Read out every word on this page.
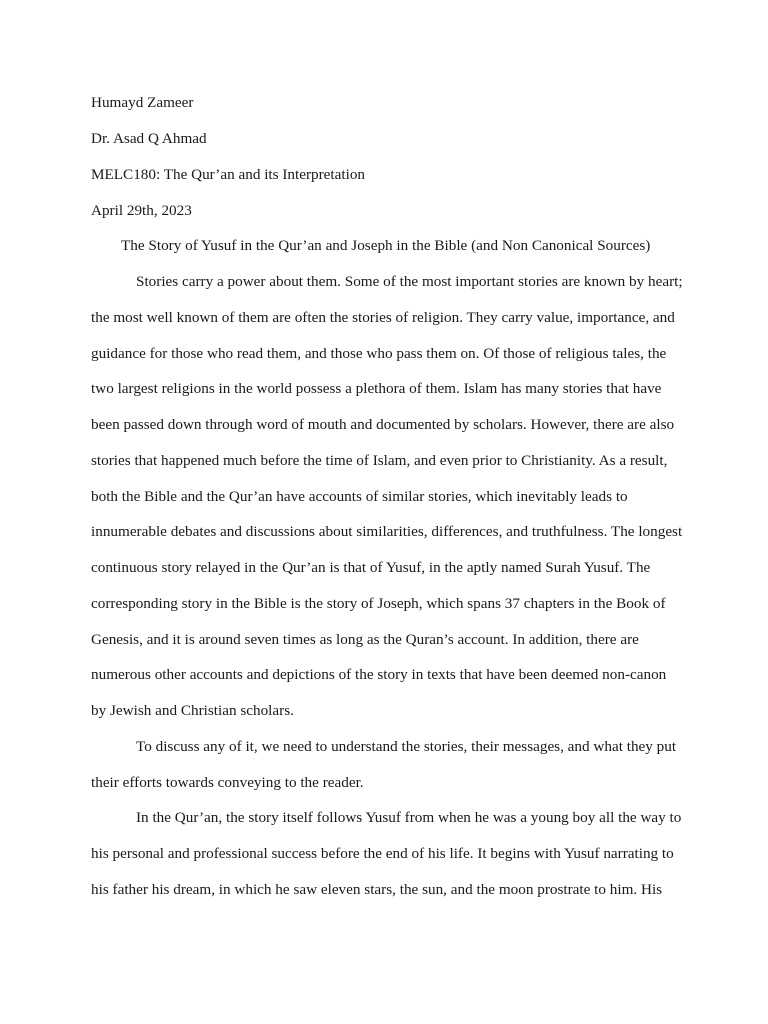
Humayd Zameer
Dr. Asad Q Ahmad
MELC180: The Qur’an and its Interpretation
April 29th, 2023
The Story of Yusuf in the Qur’an and Joseph in the Bible (and Non Canonical Sources)
Stories carry a power about them. Some of the most important stories are known by heart;
the most well known of them are often the stories of religion. They carry value, importance, and
guidance for those who read them, and those who pass them on. Of those of religious tales, the
two largest religions in the world possess a plethora of them. Islam has many stories that have
been passed down through word of mouth and documented by scholars. However, there are also
stories that happened much before the time of Islam, and even prior to Christianity. As a result,
both the Bible and the Qur’an have accounts of similar stories, which inevitably leads to
innumerable debates and discussions about similarities, differences, and truthfulness. The longest
continuous story relayed in the Qur’an is that of Yusuf, in the aptly named Surah Yusuf. The
corresponding story in the Bible is the story of Joseph, which spans 37 chapters in the Book of
Genesis, and it is around seven times as long as the Quran’s account. In addition, there are
numerous other accounts and depictions of the story in texts that have been deemed non-canon
by Jewish and Christian scholars.
To discuss any of it, we need to understand the stories, their messages, and what they put
their efforts towards conveying to the reader.
In the Qur’an, the story itself follows Yusuf from when he was a young boy all the way to
his personal and professional success before the end of his life. It begins with Yusuf narrating to
his father his dream, in which he saw eleven stars, the sun, and the moon prostrate to him. His
